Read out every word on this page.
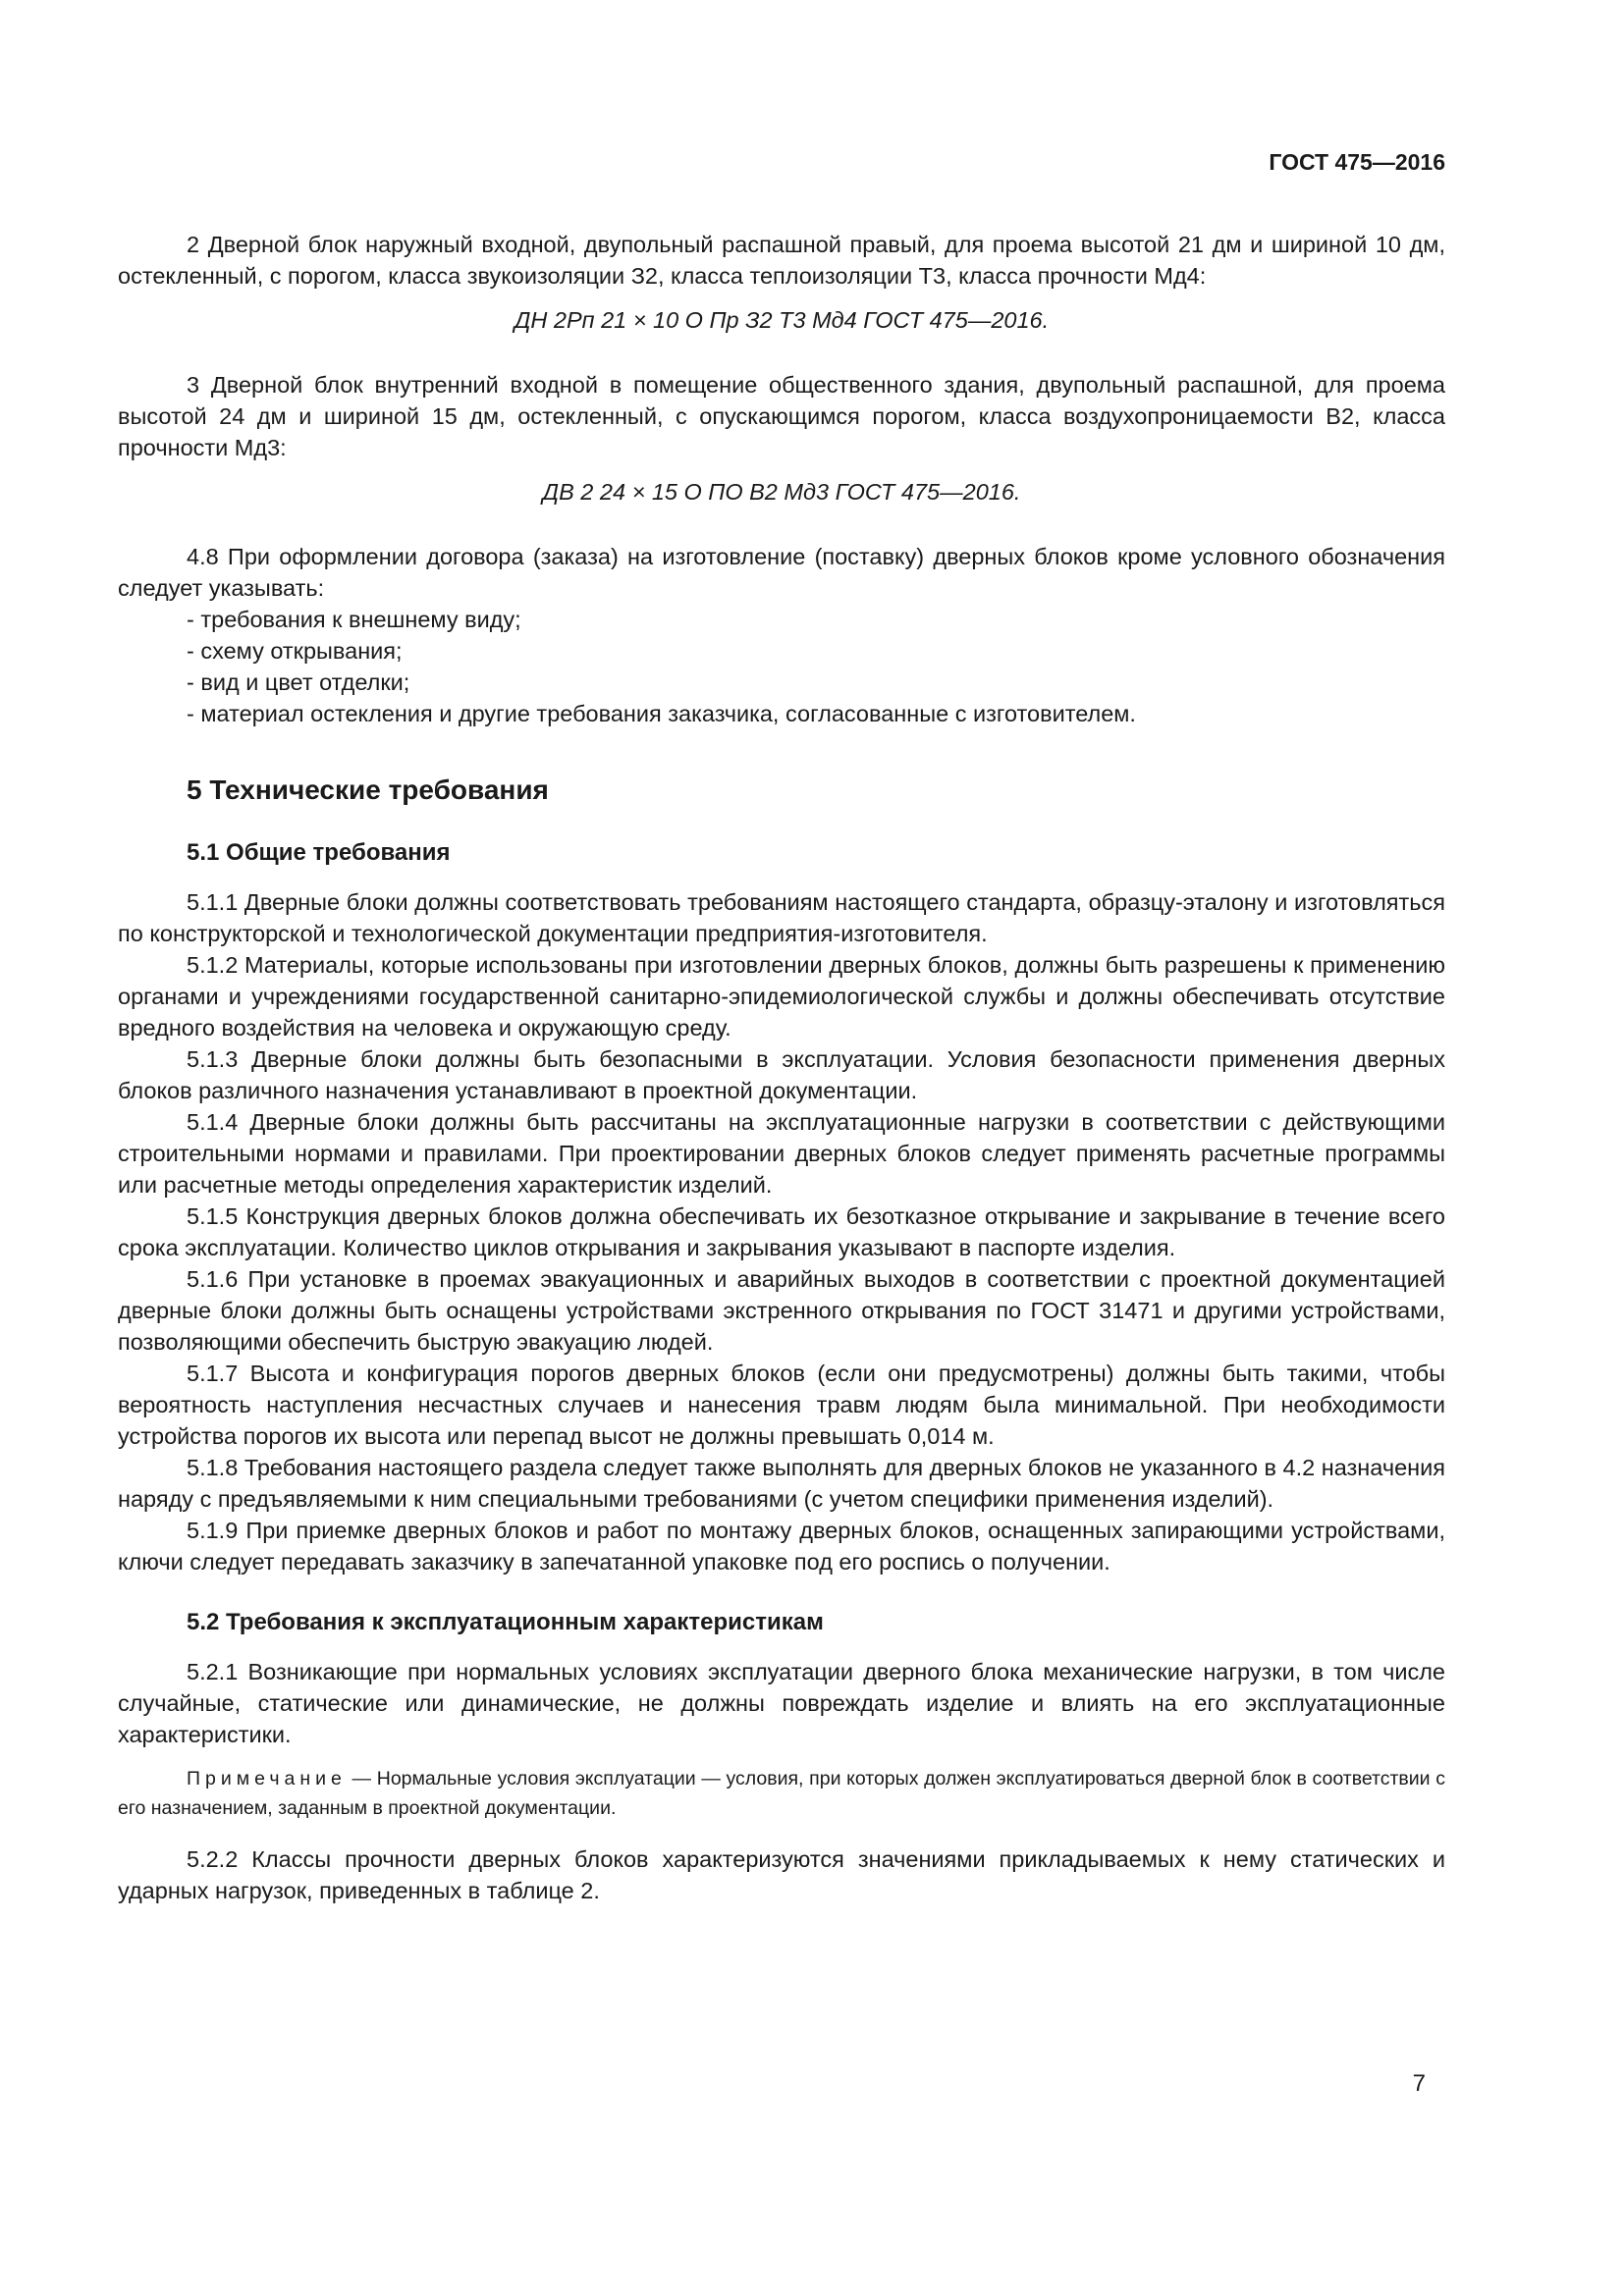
ГОСТ 475—2016
2 Дверной блок наружный входной, двупольный распашной правый, для проема высотой 21 дм и шириной 10 дм, остекленный, с порогом, класса звукоизоляции З2, класса теплоизоляции Т3, класса прочности Мд4:
ДН 2Рп 21 × 10 О Пр З2 Т3 Мд4 ГОСТ 475—2016.
3 Дверной блок внутренний входной в помещение общественного здания, двупольный распашной, для проема высотой 24 дм и шириной 15 дм, остекленный, с опускающимся порогом, класса воздухопроницаемости В2, класса прочности Мд3:
ДВ 2 24 × 15 О ПО В2 Мд3 ГОСТ 475—2016.
4.8 При оформлении договора (заказа) на изготовление (поставку) дверных блоков кроме условного обозначения следует указывать:
- требования к внешнему виду;
- схему открывания;
- вид и цвет отделки;
- материал остекления и другие требования заказчика, согласованные с изготовителем.
5 Технические требования
5.1 Общие требования
5.1.1 Дверные блоки должны соответствовать требованиям настоящего стандарта, образцу-эталону и изготовляться по конструкторской и технологической документации предприятия-изготовителя.
5.1.2 Материалы, которые использованы при изготовлении дверных блоков, должны быть разрешены к применению органами и учреждениями государственной санитарно-эпидемиологической службы и должны обеспечивать отсутствие вредного воздействия на человека и окружающую среду.
5.1.3 Дверные блоки должны быть безопасными в эксплуатации. Условия безопасности применения дверных блоков различного назначения устанавливают в проектной документации.
5.1.4 Дверные блоки должны быть рассчитаны на эксплуатационные нагрузки в соответствии с действующими строительными нормами и правилами. При проектировании дверных блоков следует применять расчетные программы или расчетные методы определения характеристик изделий.
5.1.5 Конструкция дверных блоков должна обеспечивать их безотказное открывание и закрывание в течение всего срока эксплуатации. Количество циклов открывания и закрывания указывают в паспорте изделия.
5.1.6 При установке в проемах эвакуационных и аварийных выходов в соответствии с проектной документацией дверные блоки должны быть оснащены устройствами экстренного открывания по ГОСТ 31471 и другими устройствами, позволяющими обеспечить быструю эвакуацию людей.
5.1.7 Высота и конфигурация порогов дверных блоков (если они предусмотрены) должны быть такими, чтобы вероятность наступления несчастных случаев и нанесения травм людям была минимальной. При необходимости устройства порогов их высота или перепад высот не должны превышать 0,014 м.
5.1.8 Требования настоящего раздела следует также выполнять для дверных блоков не указанного в 4.2 назначения наряду с предъявляемыми к ним специальными требованиями (с учетом специфики применения изделий).
5.1.9 При приемке дверных блоков и работ по монтажу дверных блоков, оснащенных запирающими устройствами, ключи следует передавать заказчику в запечатанной упаковке под его роспись о получении.
5.2 Требования к эксплуатационным характеристикам
5.2.1 Возникающие при нормальных условиях эксплуатации дверного блока механические нагрузки, в том числе случайные, статические или динамические, не должны повреждать изделие и влиять на его эксплуатационные характеристики.
Примечание — Нормальные условия эксплуатации — условия, при которых должен эксплуатироваться дверной блок в соответствии с его назначением, заданным в проектной документации.
5.2.2 Классы прочности дверных блоков характеризуются значениями прикладываемых к нему статических и ударных нагрузок, приведенных в таблице 2.
7
